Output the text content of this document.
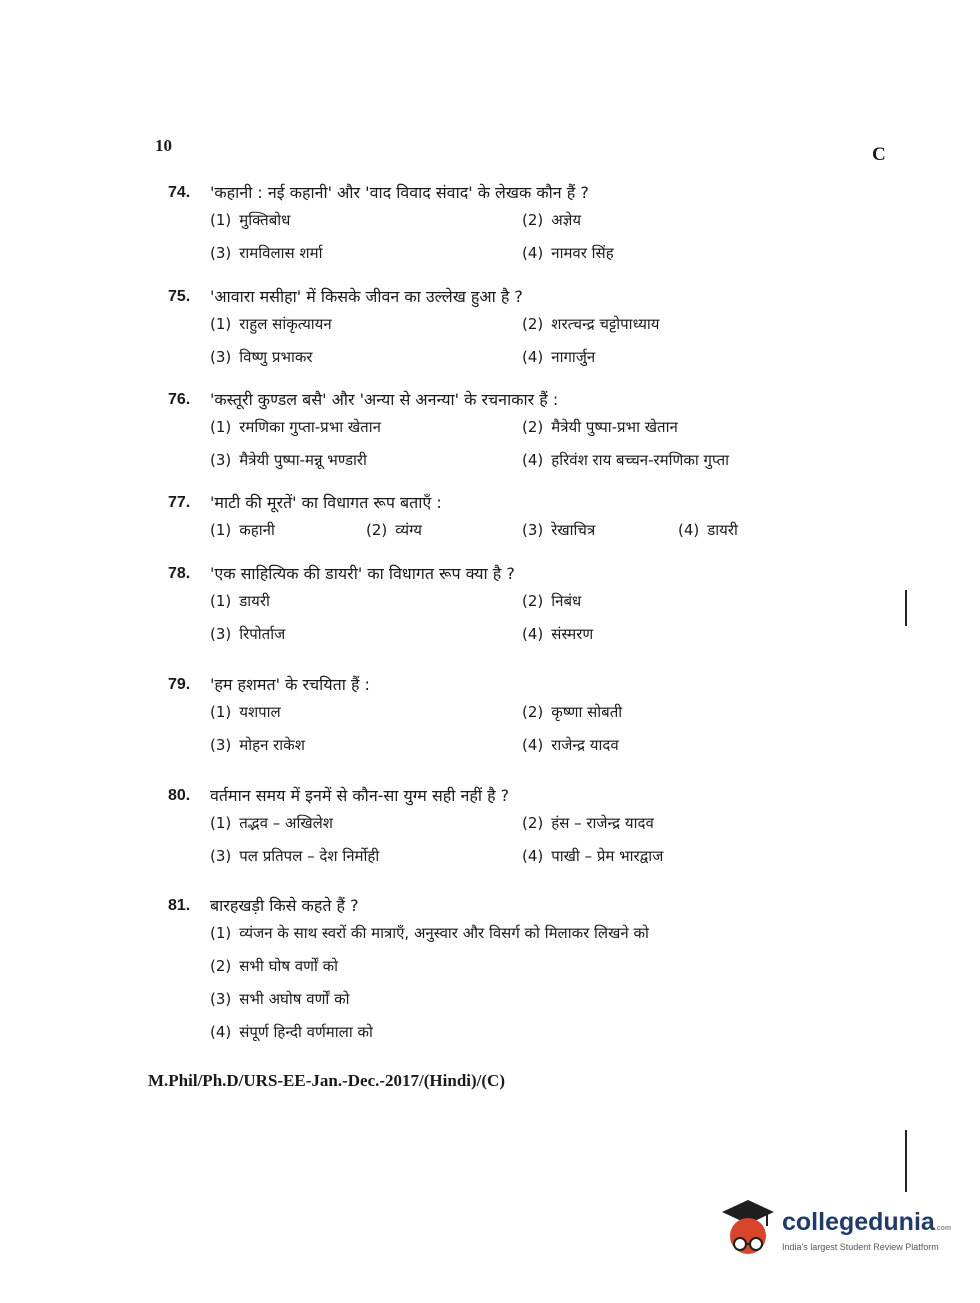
10	C
74.	'कहानी : नई कहानी' और 'वाद विवाद संवाद' के लेखक कौन हैं ?
(1) मुक्तिबोध	(2) अज्ञेय
(3) रामविलास शर्मा	(4) नामवर सिंह
75.	'आवारा मसीहा' में किसके जीवन का उल्लेख हुआ है ?
(1) राहुल सांकृत्यायन	(2) शरत्चन्द्र चट्टोपाध्याय
(3) विष्णु प्रभाकर	(4) नागार्जुन
76.	'कस्तूरी कुण्डल बसै' और 'अन्या से अनन्या' के रचनाकार हैं :
(1) रमणिका गुप्ता-प्रभा खेतान	(2) मैत्रेयी पुष्पा-प्रभा खेतान
(3) मैत्रेयी पुष्पा-मन्नू भण्डारी	(4) हरिवंश राय बच्चन-रमणिका गुप्ता
77.	'माटी की मूरतें' का विधागत रूप बताएँ :
(1) कहानी	(2) व्यंग्य	(3) रेखाचित्र	(4) डायरी
78.	'एक साहित्यिक की डायरी' का विधागत रूप क्या है ?
(1) डायरी	(2) निबंध
(3) रिपोर्ताज	(4) संस्मरण
79.	'हम हशमत' के रचयिता हैं :
(1) यशपाल	(2) कृष्णा सोबती
(3) मोहन राकेश	(4) राजेन्द्र यादव
80.	वर्तमान समय में इनमें से कौन-सा युग्म सही नहीं है ?
(1) तद्भव – अखिलेश	(2) हंस – राजेन्द्र यादव
(3) पल प्रतिपल – देश निर्मोही	(4) पाखी – प्रेम भारद्वाज
81.	बारहखड़ी किसे कहते हैं ?
(1) व्यंजन के साथ स्वरों की मात्राएँ, अनुस्वार और विसर्ग को मिलाकर लिखने को
(2) सभी घोष वर्णों को
(3) सभी अघोष वर्णों को
(4) संपूर्ण हिन्दी वर्णमाला को
M.Phil/Ph.D/URS-EE-Jan.-Dec.-2017/(Hindi)/(C)
collegedunia.com
India's largest Student Review Platform
